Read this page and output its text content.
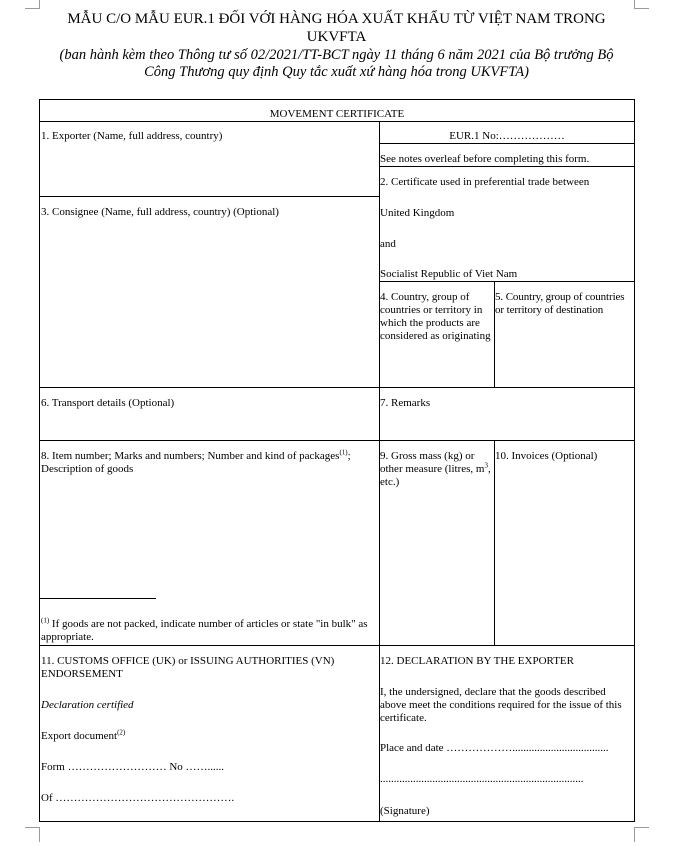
MẪU C/O MẪU EUR.1 ĐỐI VỚI HÀNG HÓA XUẤT KHẨU TỪ VIỆT NAM TRONG
UKVFTA
(ban hành kèm theo Thông tư số 02/2021/TT-BCT ngày 11 tháng 6 năm 2021 của Bộ trưởng Bộ
Công Thương quy định Quy tắc xuất xứ hàng hóa trong UKVFTA)
MOVEMENT CERTIFICATE
1. Exporter (Name, full address, country)	EUR.1 No:………………
See notes overleaf before completing this form.
2. Certificate used in preferential trade between
United Kingdom
and
Socialist Republic of Viet Nam
3. Consignee (Name, full address, country) (Optional)
4. Country, group of countries or territory in which the products are considered as originating
5. Country, group of countries or territory of destination
6. Transport details (Optional)	7. Remarks
8. Item number; Marks and numbers; Number and kind of packages$^{(1)}$;
Description of goods
$^{(1)}$ If goods are not packed, indicate number of articles or state "in bulk" as appropriate.
9. Gross mass (kg) or other measure (litres, $m^3$, etc.)
10. Invoices (Optional)
11. CUSTOMS OFFICE (UK) or ISSUING AUTHORITIES (VN)
ENDORSEMENT
Declaration certified
Export document$^{(2)}$
Form ……………………… No ……......
Of ………………………………………….
12. DECLARATION BY THE EXPORTER
I, the undersigned, declare that the goods described above meet the conditions required for the issue of this certificate.
Place and date ………………...................................
..........................................................................
(Signature)
